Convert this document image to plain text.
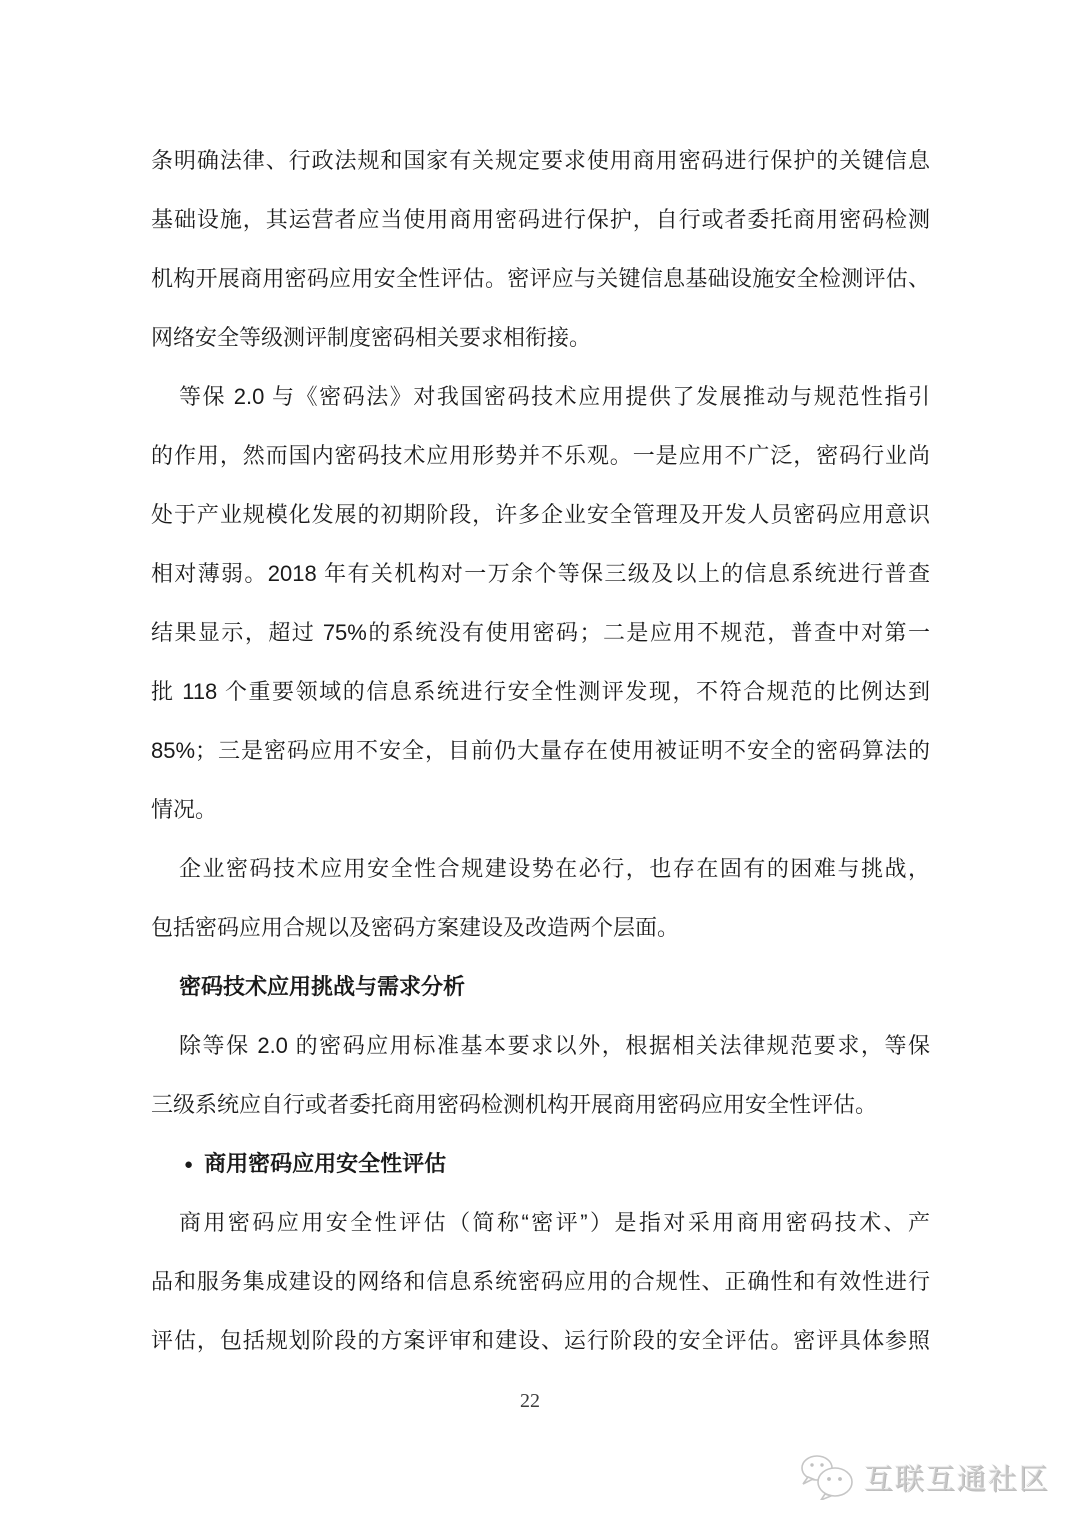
条明确法律、行政法规和国家有关规定要求使用商用密码进行保护的关键信息
基础设施，其运营者应当使用商用密码进行保护，自行或者委托商用密码检测
机构开展商用密码应用安全性评估。密评应与关键信息基础设施安全检测评估、
网络安全等级测评制度密码相关要求相衔接。
等保 2.0 与《密码法》对我国密码技术应用提供了发展推动与规范性指引
的作用，然而国内密码技术应用形势并不乐观。一是应用不广泛，密码行业尚
处于产业规模化发展的初期阶段，许多企业安全管理及开发人员密码应用意识
相对薄弱。2018 年有关机构对一万余个等保三级及以上的信息系统进行普查
结果显示，超过 75%的系统没有使用密码；二是应用不规范，普查中对第一
批 118 个重要领域的信息系统进行安全性测评发现，不符合规范的比例达到
85%；三是密码应用不安全，目前仍大量存在使用被证明不安全的密码算法的
情况。
企业密码技术应用安全性合规建设势在必行，也存在固有的困难与挑战，
包括密码应用合规以及密码方案建设及改造两个层面。
密码技术应用挑战与需求分析
除等保 2.0 的密码应用标准基本要求以外，根据相关法律规范要求，等保
三级系统应自行或者委托商用密码检测机构开展商用密码应用安全性评估。
● 商用密码应用安全性评估
商用密码应用安全性评估（简称“密评”）是指对采用商用密码技术、产
品和服务集成建设的网络和信息系统密码应用的合规性、正确性和有效性进行
评估，包括规划阶段的方案评审和建设、运行阶段的安全评估。密评具体参照
22
互联互通社区
